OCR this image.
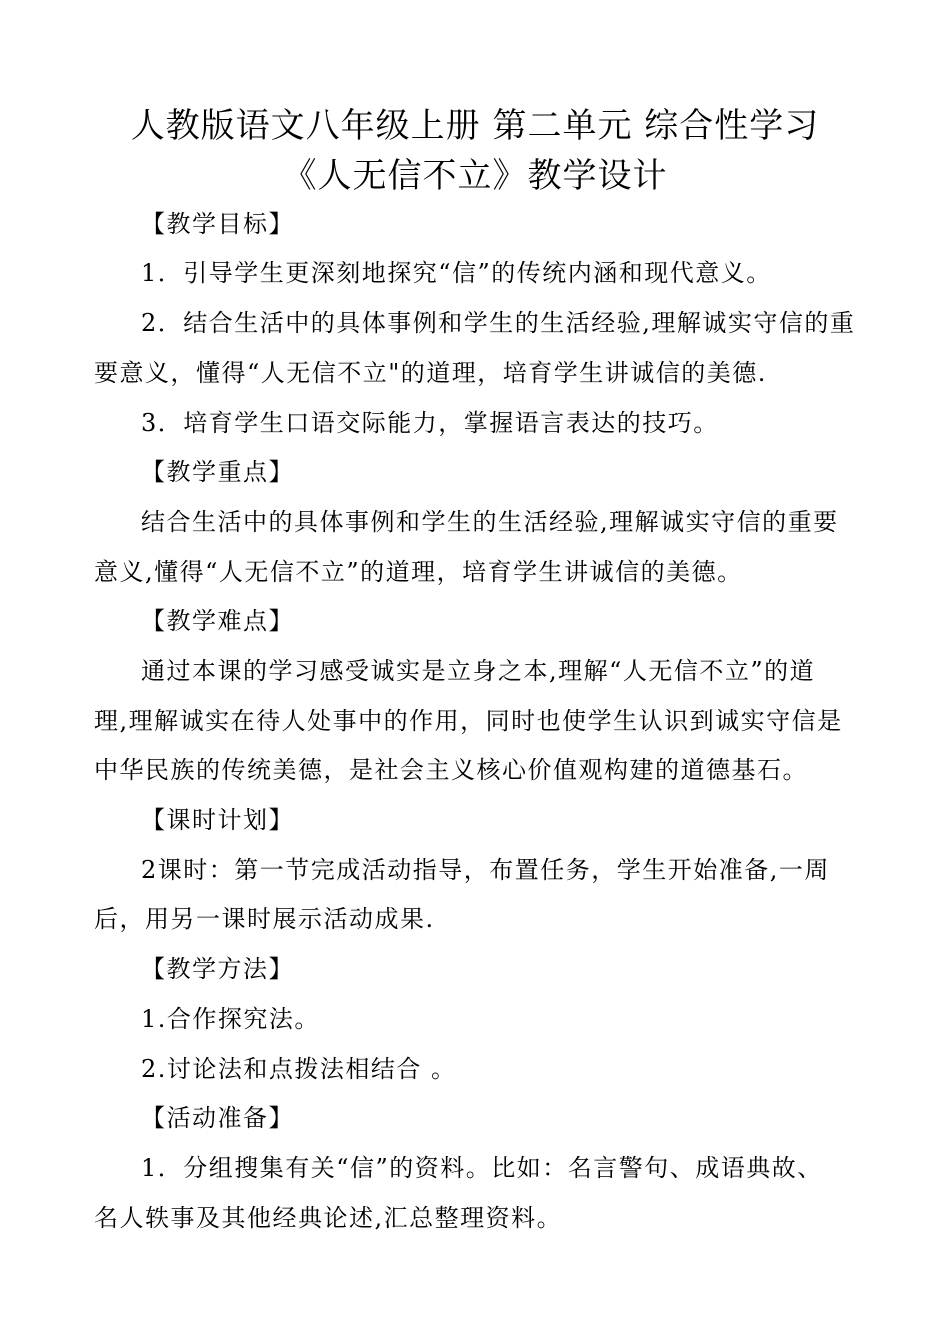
人教版语文八年级上册 第二单元 综合性学习
《人无信不立》教学设计
【教学目标】
1．引导学生更深刻地探究“信”的传统内涵和现代意义。
2．结合生活中的具体事例和学生的生活经验,理解诚实守信的重
要意义，懂得“人无信不立"的道理，培育学生讲诚信的美德.
3．培育学生口语交际能力，掌握语言表达的技巧。
【教学重点】
结合生活中的具体事例和学生的生活经验,理解诚实守信的重要
意义,懂得“人无信不立”的道理，培育学生讲诚信的美德。
【教学难点】
通过本课的学习感受诚实是立身之本,理解“人无信不立”的道
理,理解诚实在待人处事中的作用，同时也使学生认识到诚实守信是
中华民族的传统美德，是社会主义核心价值观构建的道德基石。
【课时计划】
2课时：第一节完成活动指导，布置任务，学生开始准备,一周
后，用另一课时展示活动成果.
【教学方法】
1.合作探究法。
2.讨论法和点拨法相结合 。
【活动准备】
1．分组搜集有关“信”的资料。比如：名言警句、成语典故、
名人轶事及其他经典论述,汇总整理资料。
